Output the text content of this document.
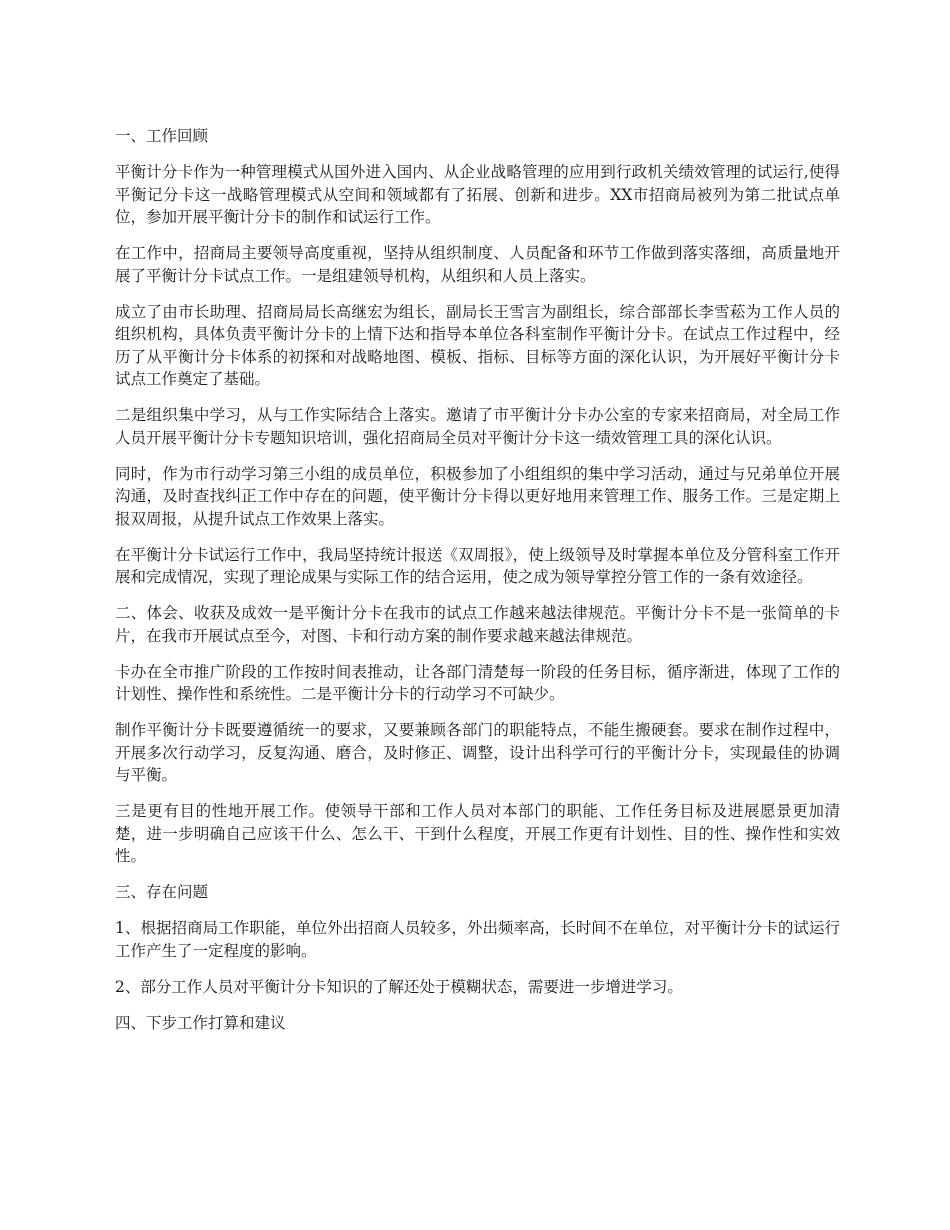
一、工作回顾

平衡计分卡作为一种管理模式从国外进入国内、从企业战略管理的应用到行政机关绩效管理的试运行,使得平衡记分卡这一战略管理模式从空间和领域都有了拓展、创新和进步。XX市招商局被列为第二批试点单位，参加开展平衡计分卡的制作和试运行工作。

在工作中，招商局主要领导高度重视，坚持从组织制度、人员配备和环节工作做到落实落细，高质量地开展了平衡计分卡试点工作。一是组建领导机构，从组织和人员上落实。

成立了由市长助理、招商局局长高继宏为组长，副局长王雪言为副组长，综合部部长李雪菘为工作人员的组织机构，具体负责平衡计分卡的上情下达和指导本单位各科室制作平衡计分卡。在试点工作过程中，经历了从平衡计分卡体系的初探和对战略地图、模板、指标、目标等方面的深化认识，为开展好平衡计分卡试点工作奠定了基础。

二是组织集中学习，从与工作实际结合上落实。邀请了市平衡计分卡办公室的专家来招商局，对全局工作人员开展平衡计分卡专题知识培训，强化招商局全员对平衡计分卡这一绩效管理工具的深化认识。

同时，作为市行动学习第三小组的成员单位，积极参加了小组组织的集中学习活动，通过与兄弟单位开展沟通，及时查找纠正工作中存在的问题，使平衡计分卡得以更好地用来管理工作、服务工作。三是定期上报双周报，从提升试点工作效果上落实。

在平衡计分卡试运行工作中，我局坚持统计报送《双周报》，使上级领导及时掌握本单位及分管科室工作开展和完成情况，实现了理论成果与实际工作的结合运用，使之成为领导掌控分管工作的一条有效途径。

二、体会、收获及成效一是平衡计分卡在我市的试点工作越来越法律规范。平衡计分卡不是一张简单的卡片，在我市开展试点至今，对图、卡和行动方案的制作要求越来越法律规范。

卡办在全市推广阶段的工作按时间表推动，让各部门清楚每一阶段的任务目标，循序渐进，体现了工作的计划性、操作性和系统性。二是平衡计分卡的行动学习不可缺少。

制作平衡计分卡既要遵循统一的要求，又要兼顾各部门的职能特点，不能生搬硬套。要求在制作过程中，开展多次行动学习，反复沟通、磨合，及时修正、调整，设计出科学可行的平衡计分卡，实现最佳的协调与平衡。

三是更有目的性地开展工作。使领导干部和工作人员对本部门的职能、工作任务目标及进展愿景更加清楚，进一步明确自己应该干什么、怎么干、干到什么程度，开展工作更有计划性、目的性、操作性和实效性。

三、存在问题

1、根据招商局工作职能，单位外出招商人员较多，外出频率高，长时间不在单位，对平衡计分卡的试运行工作产生了一定程度的影响。

2、部分工作人员对平衡计分卡知识的了解还处于模糊状态，需要进一步增进学习。

四、下步工作打算和建议
